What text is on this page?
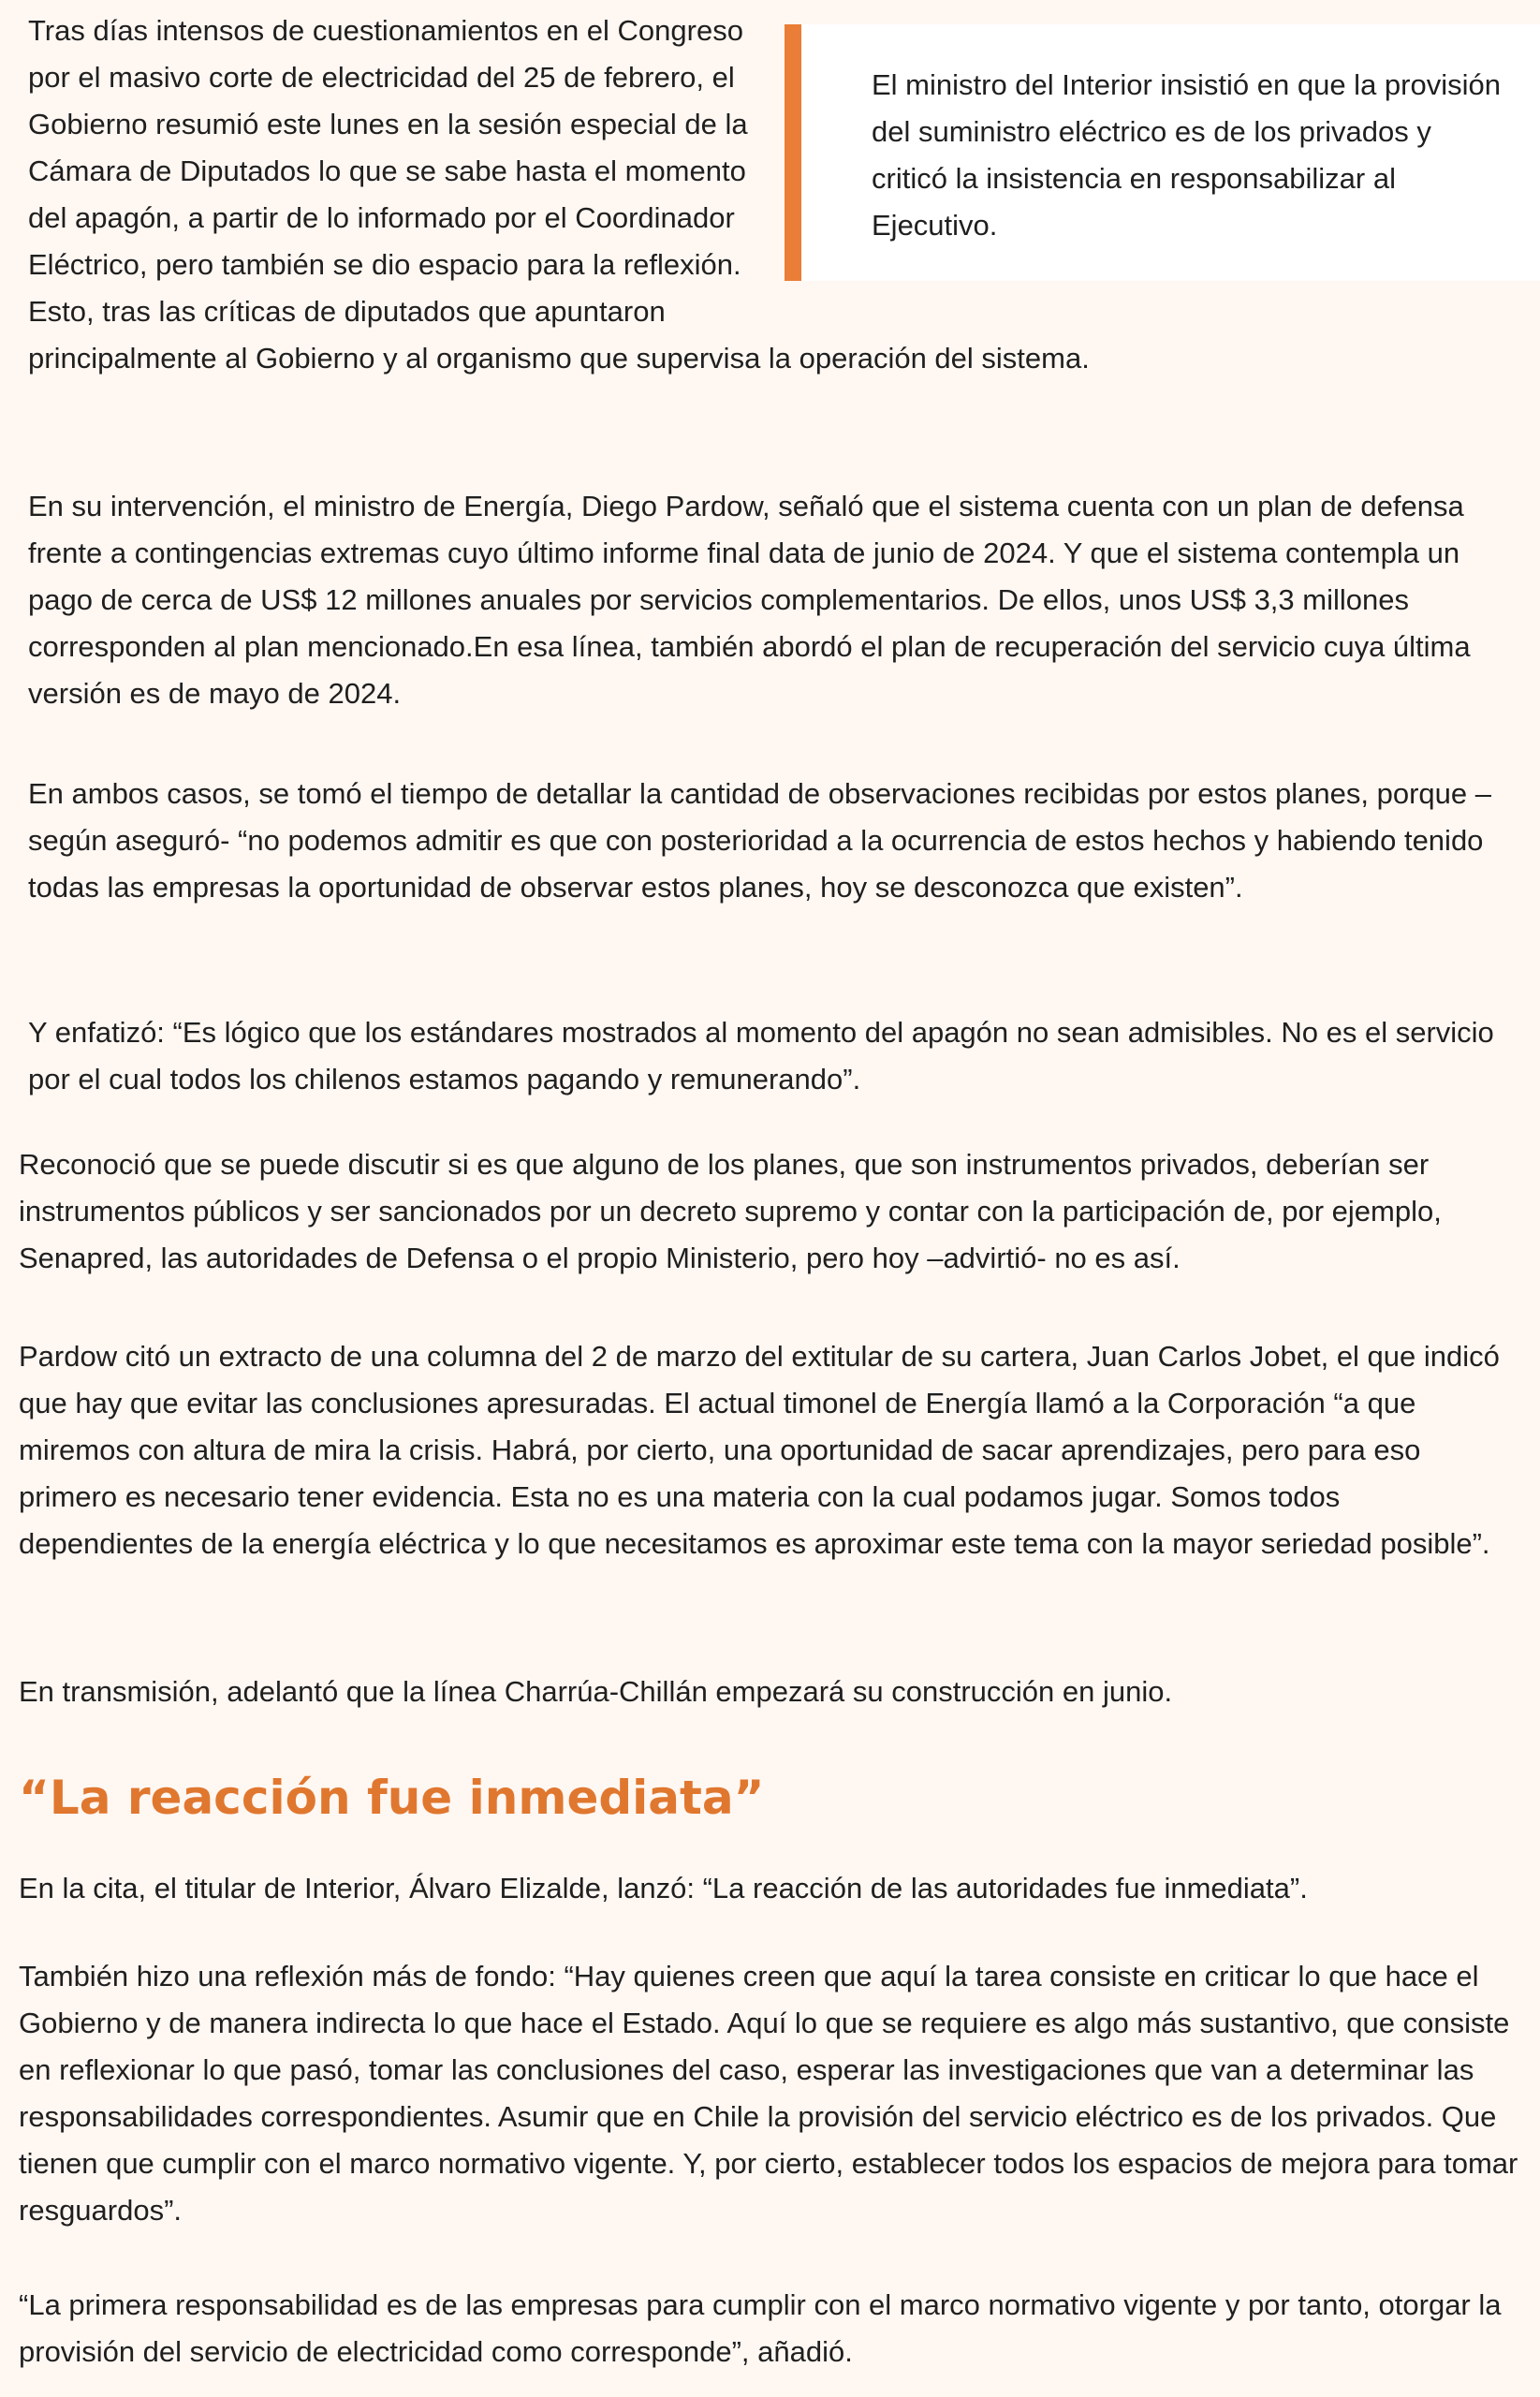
Tras días intensos de cuestionamientos en el Congreso por el masivo corte de electricidad del 25 de febrero, el Gobierno resumió este lunes en la sesión especial de la Cámara de Diputados lo que se sabe hasta el momento del apagón, a partir de lo informado por el Coordinador Eléctrico, pero también se dio espacio para la reflexión. Esto, tras las críticas de diputados que apuntaron principalmente al Gobierno y al organismo que supervisa la operación del sistema.

El ministro del Interior insistió en que la provisión del suministro eléctrico es de los privados y criticó la insistencia en responsabilizar al Ejecutivo.

En su intervención, el ministro de Energía, Diego Pardow, señaló que el sistema cuenta con un plan de defensa frente a contingencias extremas cuyo último informe final data de junio de 2024. Y que el sistema contempla un pago de cerca de US$ 12 millones anuales por servicios complementarios. De ellos, unos US$ 3,3 millones corresponden al plan mencionado.En esa línea, también abordó el plan de recuperación del servicio cuya última versión es de mayo de 2024.

En ambos casos, se tomó el tiempo de detallar la cantidad de observaciones recibidas por estos planes, porque –según aseguró- “no podemos admitir es que con posterioridad a la ocurrencia de estos hechos y habiendo tenido todas las empresas la oportunidad de observar estos planes, hoy se desconozca que existen”.

Y enfatizó: “Es lógico que los estándares mostrados al momento del apagón no sean admisibles. No es el servicio por el cual todos los chilenos estamos pagando y remunerando”.

Reconoció que se puede discutir si es que alguno de los planes, que son instrumentos privados, deberían ser instrumentos públicos y ser sancionados por un decreto supremo y contar con la participación de, por ejemplo, Senapred, las autoridades de Defensa o el propio Ministerio, pero hoy –advirtió- no es así.

Pardow citó un extracto de una columna del 2 de marzo del extitular de su cartera, Juan Carlos Jobet, el que indicó que hay que evitar las conclusiones apresuradas. El actual timonel de Energía llamó a la Corporación “a que miremos con altura de mira la crisis. Habrá, por cierto, una oportunidad de sacar aprendizajes, pero para eso primero es necesario tener evidencia. Esta no es una materia con la cual podamos jugar. Somos todos dependientes de la energía eléctrica y lo que necesitamos es aproximar este tema con la mayor seriedad posible”.

En transmisión, adelantó que la línea Charrúa-Chillán empezará su construcción en junio.

“La reacción fue inmediata”

En la cita, el titular de Interior, Álvaro Elizalde, lanzó: “La reacción de las autoridades fue inmediata”.

También hizo una reflexión más de fondo: “Hay quienes creen que aquí la tarea consiste en criticar lo que hace el Gobierno y de manera indirecta lo que hace el Estado. Aquí lo que se requiere es algo más sustantivo, que consiste en reflexionar lo que pasó, tomar las conclusiones del caso, esperar las investigaciones que van a determinar las responsabilidades correspondientes. Asumir que en Chile la provisión del servicio eléctrico es de los privados. Que tienen que cumplir con el marco normativo vigente. Y, por cierto, establecer todos los espacios de mejora para tomar resguardos”.

“La primera responsabilidad es de las empresas para cumplir con el marco normativo vigente y por tanto, otorgar la provisión del servicio de electricidad como corresponde”, añadió.
